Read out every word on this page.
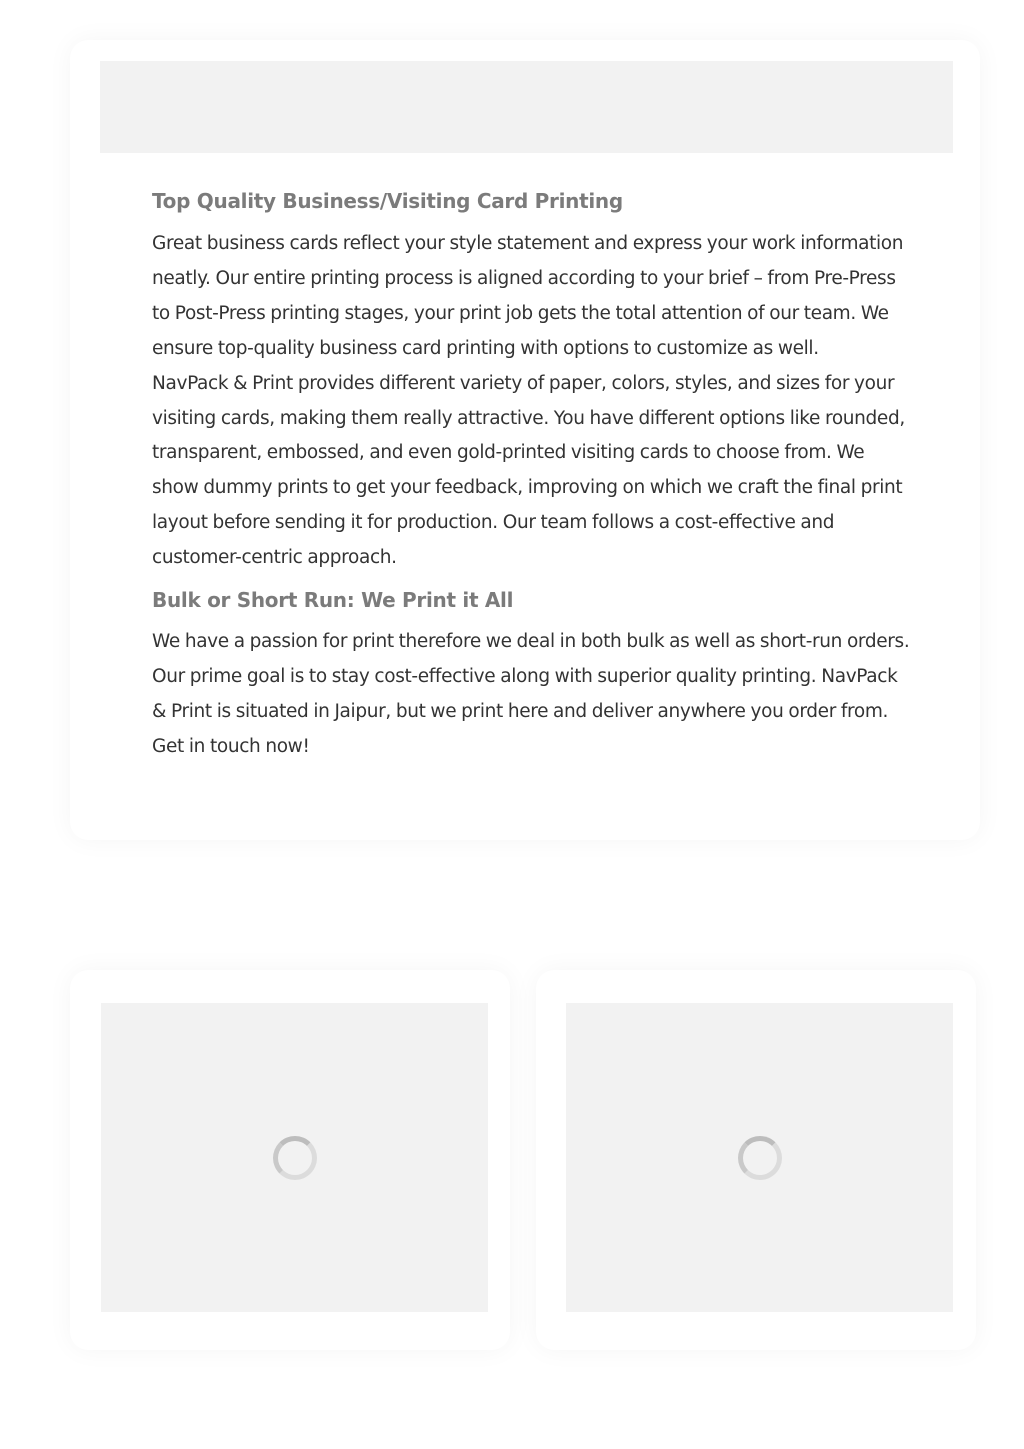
Top Quality Business/Visiting Card Printing

Great business cards reflect your style statement and express your work information neatly. Our entire printing process is aligned according to your brief – from Pre-Press to Post-Press printing stages, your print job gets the total attention of our team. We ensure top-quality business card printing with options to customize as well.

NavPack & Print provides different variety of paper, colors, styles, and sizes for your visiting cards, making them really attractive. You have different options like rounded, transparent, embossed, and even gold-printed visiting cards to choose from. We show dummy prints to get your feedback, improving on which we craft the final print layout before sending it for production. Our team follows a cost-effective and customer-centric approach.

Bulk or Short Run: We Print it All

We have a passion for print therefore we deal in both bulk as well as short-run orders. Our prime goal is to stay cost-effective along with superior quality printing. NavPack & Print is situated in Jaipur, but we print here and deliver anywhere you order from. Get in touch now!
